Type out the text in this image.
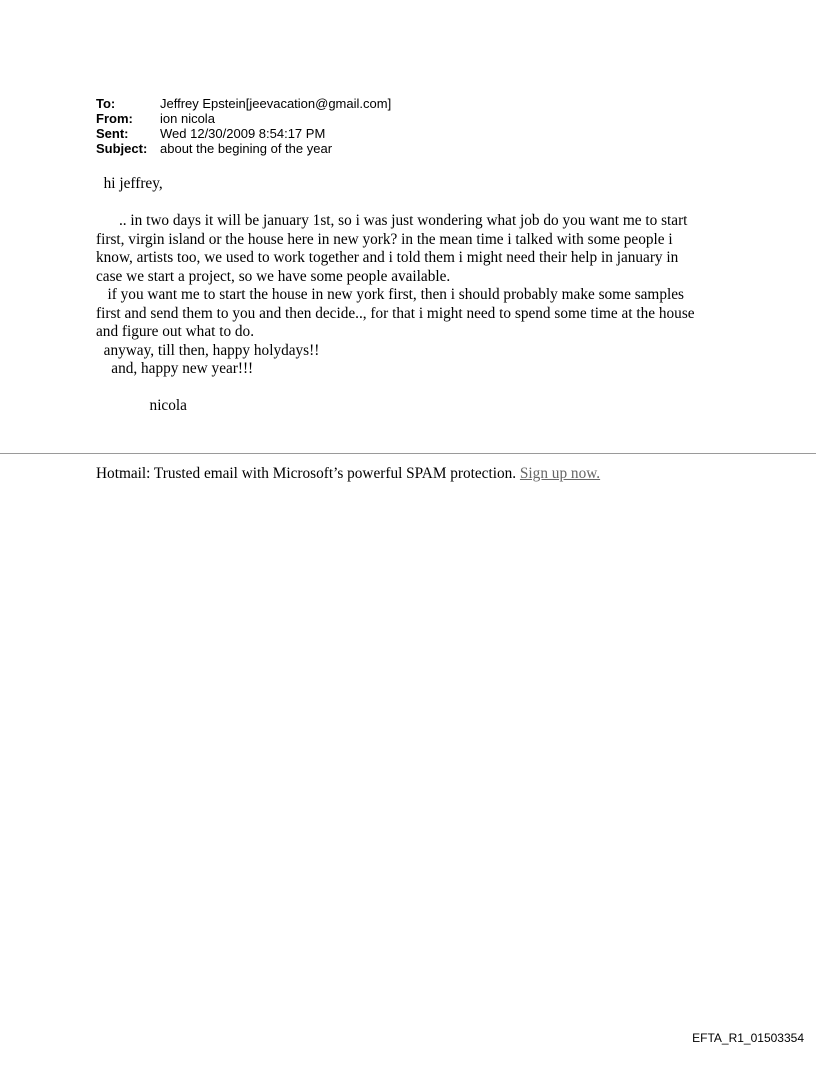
To:	Jeffrey Epstein[jeevacation@gmail.com]
From:	ion nicola
Sent:	Wed 12/30/2009 8:54:17 PM
Subject: about the begining of the year
hi jeffrey,
.. in two days it will be january 1st, so i was just wondering what job do you want me to start
first, virgin island or the house here in new york? in the mean time i talked with some people i
know, artists too, we used to work together and i told them i might need their help in january in
case we start a project, so we have some people available.
if you want me to start the house in new york first, then i should probably make some samples
first and send them to you and then decide.., for that i might need to spend some time at the house
and figure out what to do.
anyway, till then, happy holydays!!
and, happy new year!!!
nicola
Hotmail: Trusted email with Microsoft’s powerful SPAM protection. Sign up now.
EFTA_R1_01503354
